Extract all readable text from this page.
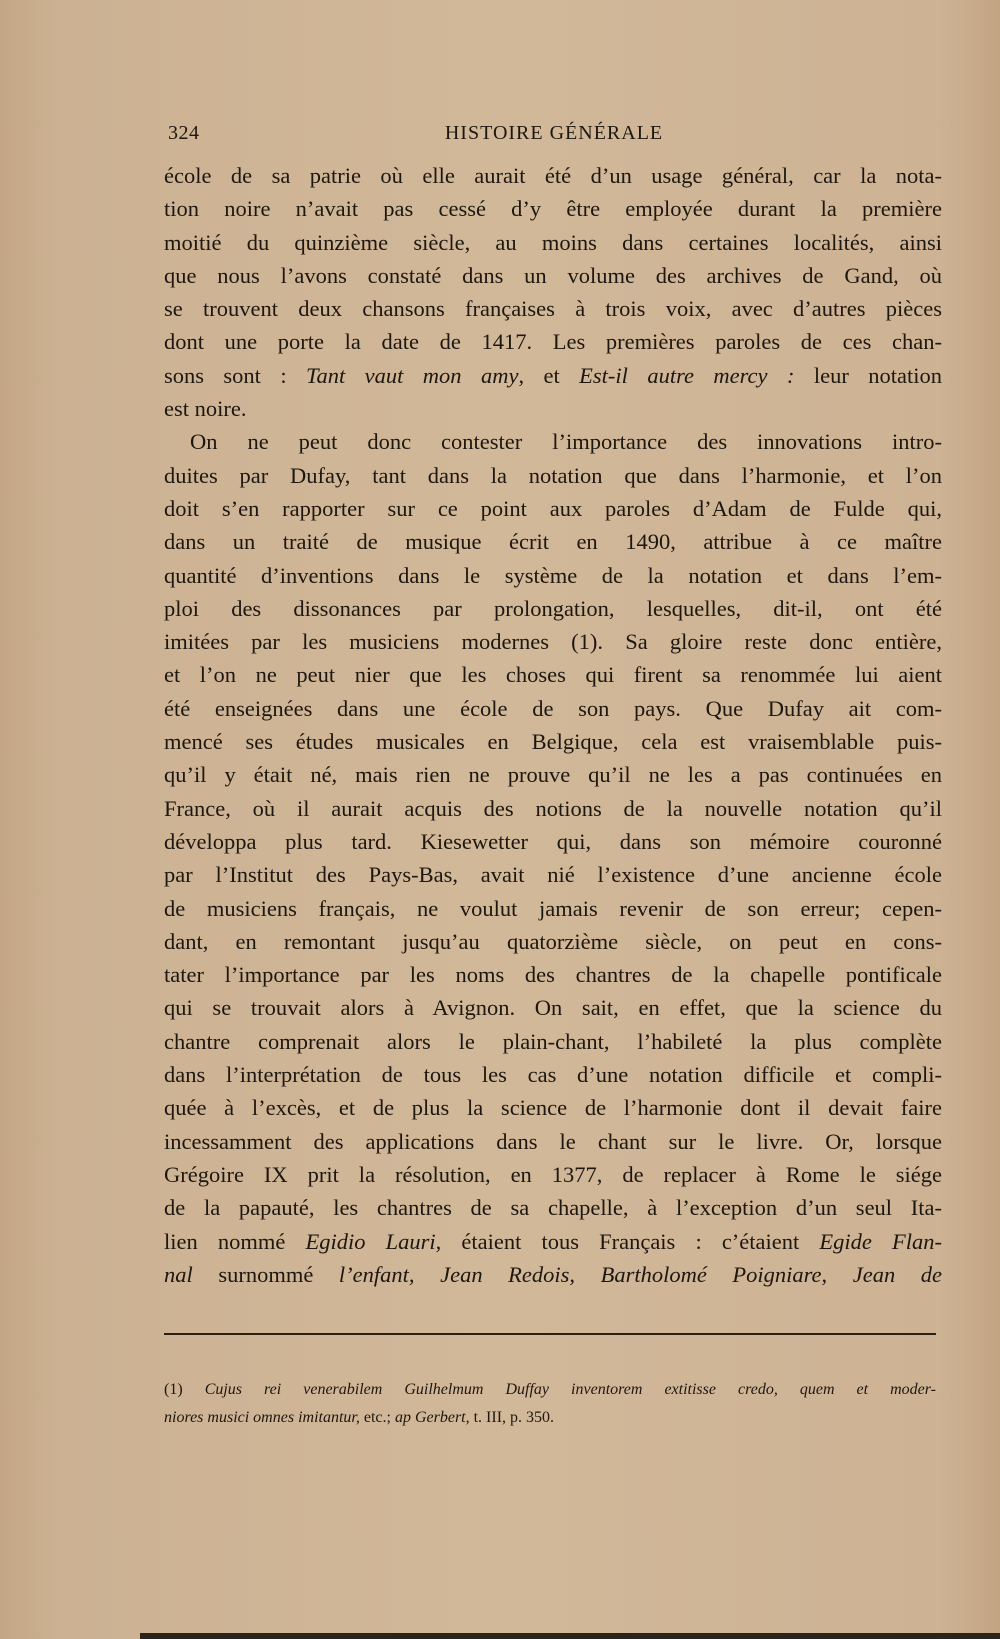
324	HISTOIRE GÉNÉRALE
école de sa patrie où elle aurait été d’un usage général, car la nota-
tion noire n’avait pas cessé d’y être employée durant la première
moitié du quinzième siècle, au moins dans certaines localités, ainsi
que nous l’avons constaté dans un volume des archives de Gand, où
se trouvent deux chansons françaises à trois voix, avec d’autres pièces
dont une porte la date de 1417. Les premières paroles de ces chan-
sons sont : Tant vaut mon amy, et Est-il autre mercy : leur notation
est noire.
On ne peut donc contester l’importance des innovations intro-
duites par Dufay, tant dans la notation que dans l’harmonie, et l’on
doit s’en rapporter sur ce point aux paroles d’Adam de Fulde qui,
dans un traité de musique écrit en 1490, attribue à ce maître
quantité d’inventions dans le système de la notation et dans l’em-
ploi des dissonances par prolongation, lesquelles, dit-il, ont été
imitées par les musiciens modernes (1). Sa gloire reste donc entière,
et l’on ne peut nier que les choses qui firent sa renommée lui aient
été enseignées dans une école de son pays. Que Dufay ait com-
mencé ses études musicales en Belgique, cela est vraisemblable puis-
qu’il y était né, mais rien ne prouve qu’il ne les a pas continuées en
France, où il aurait acquis des notions de la nouvelle notation qu’il
développa plus tard. Kiesewetter qui, dans son mémoire couronné
par l’Institut des Pays-Bas, avait nié l’existence d’une ancienne école
de musiciens français, ne voulut jamais revenir de son erreur; cepen-
dant, en remontant jusqu’au quatorzième siècle, on peut en cons-
tater l’importance par les noms des chantres de la chapelle pontificale
qui se trouvait alors à Avignon. On sait, en effet, que la science du
chantre comprenait alors le plain-chant, l’habileté la plus complète
dans l’interprétation de tous les cas d’une notation difficile et compli-
quée à l’excès, et de plus la science de l’harmonie dont il devait faire
incessamment des applications dans le chant sur le livre. Or, lorsque
Grégoire IX prit la résolution, en 1377, de replacer à Rome le siége
de la papauté, les chantres de sa chapelle, à l’exception d’un seul Ita-
lien nommé Egidio Lauri, étaient tous Français : c’étaient Egide Flan-
nal surnommé l’enfant, Jean Redois, Bartholomé Poigniare, Jean de
(1) Cujus rei venerabilem Guilhelmum Duffay inventorem extitisse credo, quem et moder-
niores musici omnes imitantur, etc.; ap Gerbert, t. III, p. 350.
